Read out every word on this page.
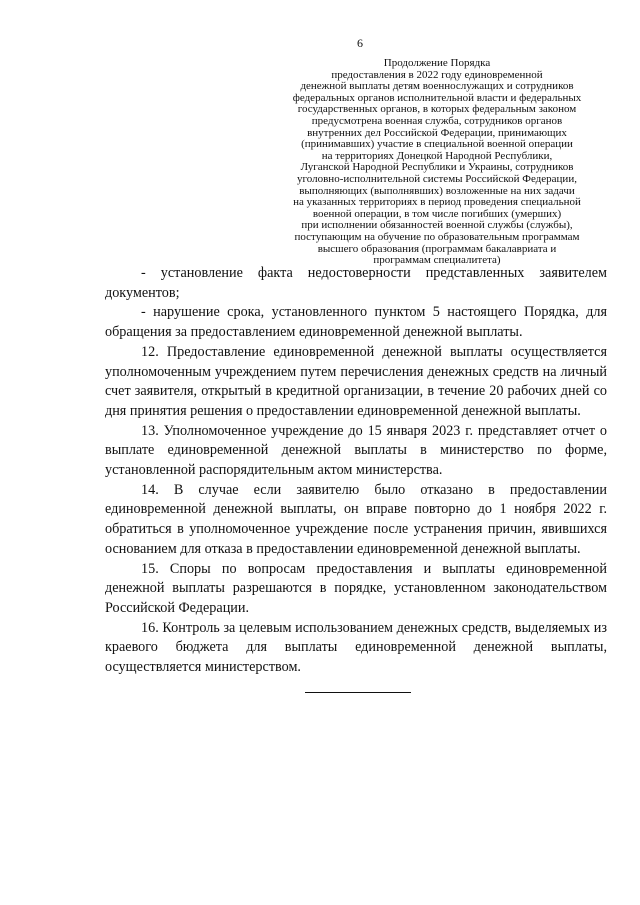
6
Продолжение Порядка
предоставления в 2022 году единовременной
денежной выплаты детям военнослужащих и сотрудников
федеральных органов исполнительной власти и федеральных
государственных органов, в которых федеральным законом
предусмотрена военная служба, сотрудников органов
внутренних дел Российской Федерации, принимающих
(принимавших) участие в специальной военной операции
на территориях Донецкой Народной Республики,
Луганской Народной Республики и Украины, сотрудников
уголовно-исполнительной системы Российской Федерации,
выполняющих (выполнявших) возложенные на них задачи
на указанных территориях в период проведения специальной
военной операции, в том числе погибших (умерших)
при исполнении обязанностей военной службы (службы),
поступающим на обучение по образовательным программам
высшего образования (программам бакалавриата и
программам специалитета)

- установление факта недостоверности представленных заявителем документов;

- нарушение срока, установленного пунктом 5 настоящего Порядка, для обращения за предоставлением единовременной денежной выплаты.

12. Предоставление единовременной денежной выплаты осуществляется уполномоченным учреждением путем перечисления денежных средств на личный счет заявителя, открытый в кредитной организации, в течение 20 рабочих дней со дня принятия решения о предоставлении единовременной денежной выплаты.

13. Уполномоченное учреждение до 15 января 2023 г. представляет отчет о выплате единовременной денежной выплаты в министерство по форме, установленной распорядительным актом министерства.

14. В случае если заявителю было отказано в предоставлении единовременной денежной выплаты, он вправе повторно до 1 ноября 2022 г. обратиться в уполномоченное учреждение после устранения причин, явившихся основанием для отказа в предоставлении единовременной денежной выплаты.

15. Споры по вопросам предоставления и выплаты единовременной денежной выплаты разрешаются в порядке, установленном законодательством Российской Федерации.

16. Контроль за целевым использованием денежных средств, выделяемых из краевого бюджета для выплаты единовременной денежной выплаты, осуществляется министерством.
